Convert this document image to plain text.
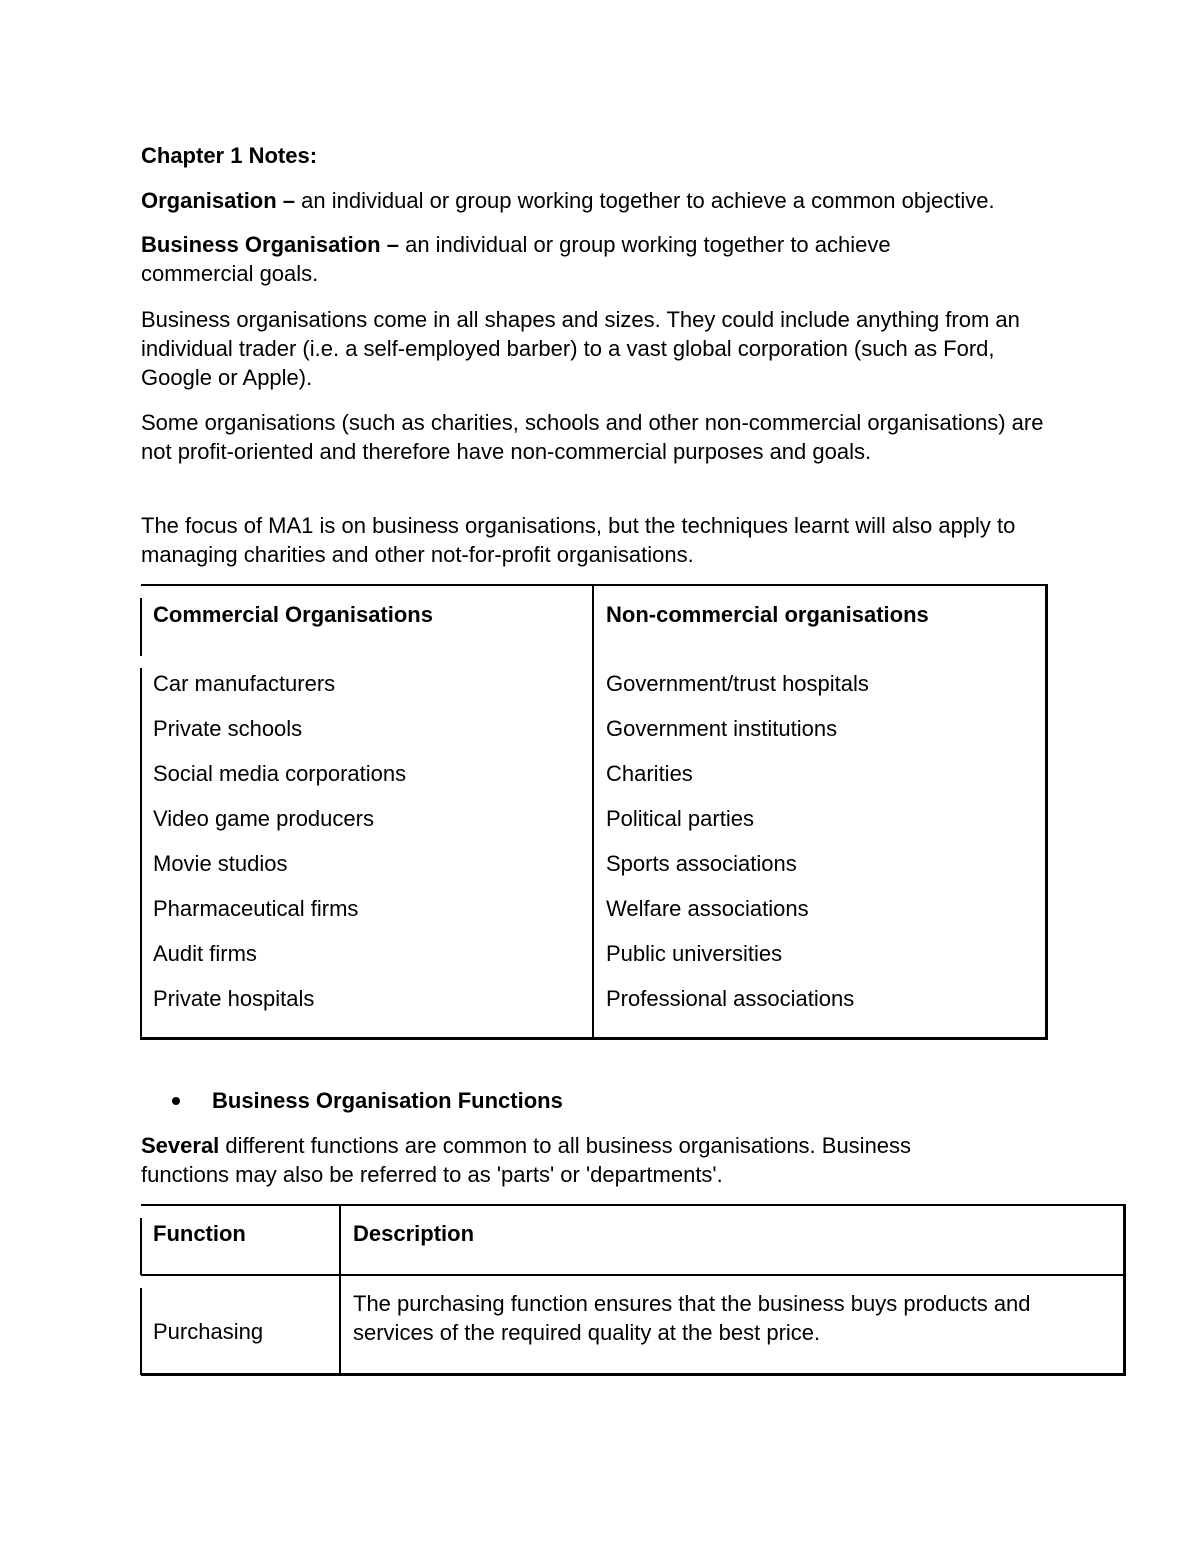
Chapter 1 Notes:

Organisation – an individual or group working together to achieve a common objective.

Business Organisation – an individual or group working together to achieve commercial goals.

Business organisations come in all shapes and sizes. They could include anything from an individual trader (i.e. a self-employed barber) to a vast global corporation (such as Ford, Google or Apple).

Some organisations (such as charities, schools and other non-commercial organisations) are not profit-oriented and therefore have non-commercial purposes and goals.

The focus of MA1 is on business organisations, but the techniques learnt will also apply to managing charities and other not-for-profit organisations.

Commercial Organisations
Car manufacturers
Private schools
Social media corporations
Video game producers
Movie studios
Pharmaceutical firms
Audit firms
Private hospitals
Non-commercial organisations
Government/trust hospitals
Government institutions
Charities
Political parties
Sports associations
Welfare associations
Public universities
Professional associations
Business Organisation Functions

Several different functions are common to all business organisations. Business functions may also be referred to as 'parts' or 'departments'.

Function	Description
Purchasing
The purchasing function ensures that the business buys products and services of the required quality at the best price.
